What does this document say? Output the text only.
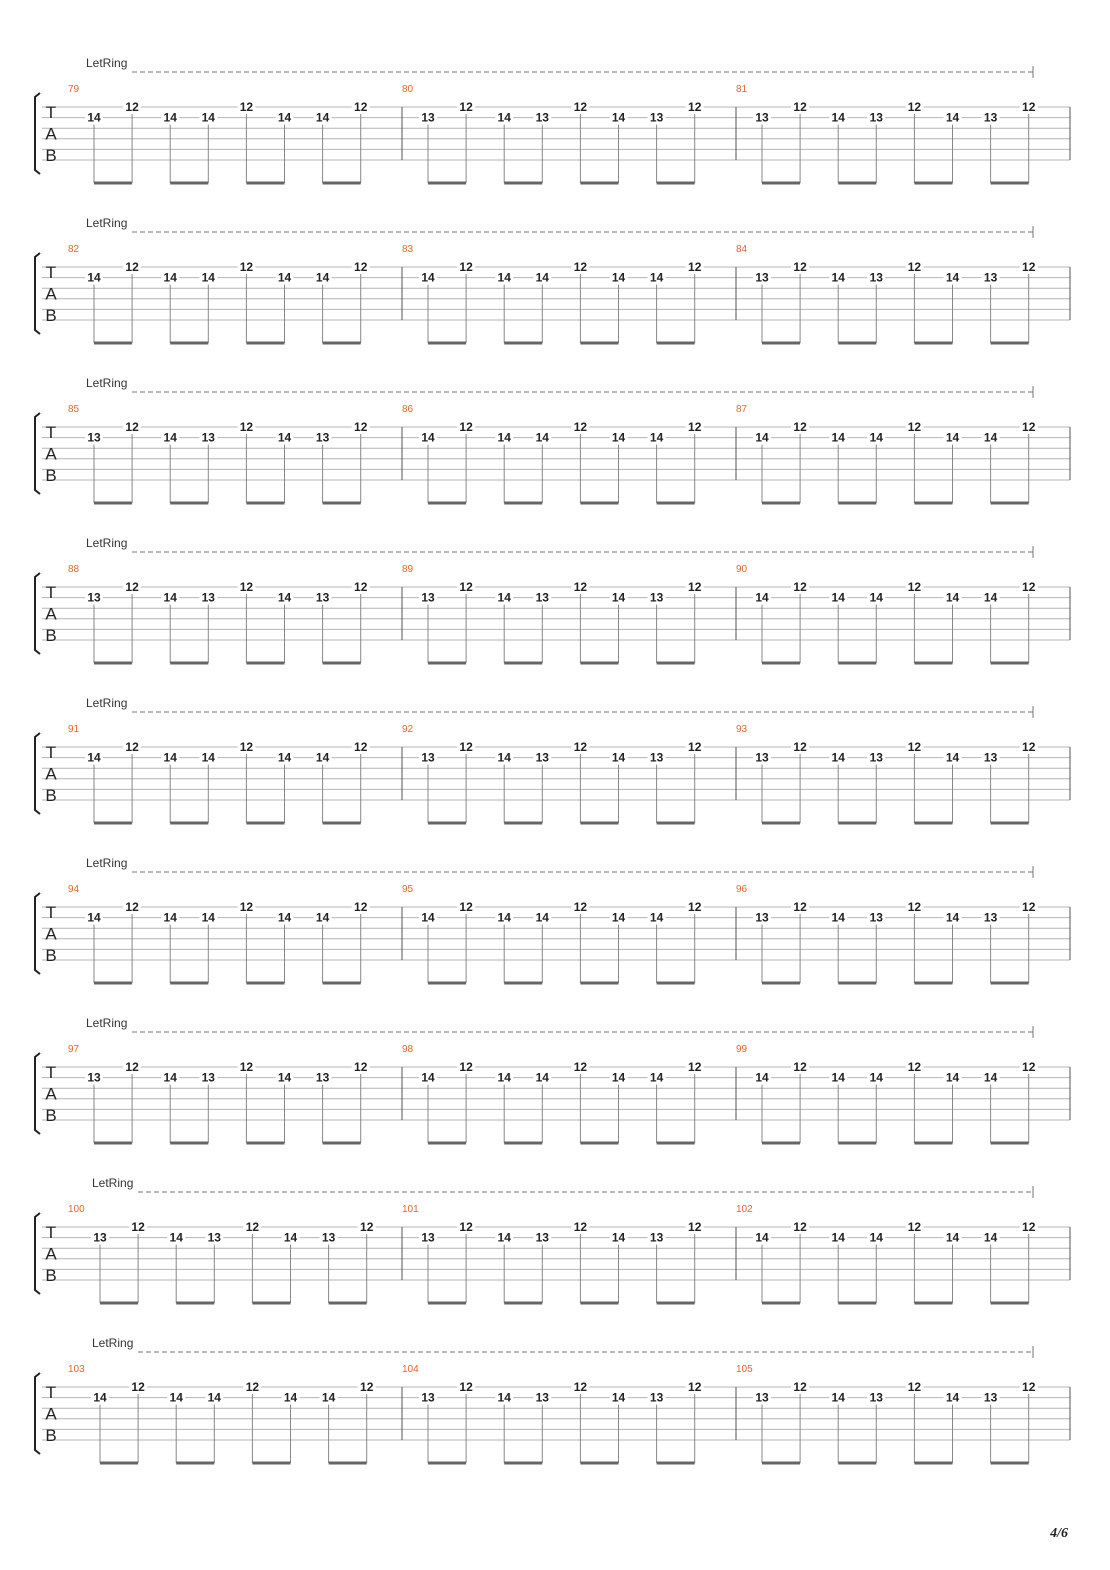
LetRing
T
A
B
79
14
12
14 14
12
14 14
12
80
13
12
14 13
12
14 13
12
81
13
12
14 13
12
14 13
12
LetRing
T
A
B
82
14
12
14 14
12
14 14
12
83
14
12
14 14
12
14 14
12
84
13
12
14 13
12
14 13
12
LetRing
T
A
B
85
13
12
14 13
12
14 13
12
86
14
12
14 14
12
14 14
12
87
14
12
14 14
12
14 14
12
LetRing
T
A
B
88
13
12
14 13
12
14 13
12
89
13
12
14 13
12
14 13
12
90
14
12
14 14
12
14 14
12
LetRing
T
A
B
91
14
12
14 14
12
14 14
12
92
13
12
14 13
12
14 13
12
93
13
12
14 13
12
14 13
12
LetRing
T
A
B
94
14
12
14 14
12
14 14
12
95
14
12
14 14
12
14 14
12
96
13
12
14 13
12
14 13
12
LetRing
T
A
B
97
13
12
14 13
12
14 13
12
98
14
12
14 14
12
14 14
12
99
14
12
14 14
12
14 14
12
LetRing
T
A
B
100
13
12
14 13
12
14 13
12
101
13
12
14 13
12
14 13
12
102
14
12
14 14
12
14 14
12
LetRing
T
A
B
103
14
12
14 14
12
14 14
12
104
13
12
14 13
12
14 13
12
105
13
12
14 13
12
14 13
12
4/6
